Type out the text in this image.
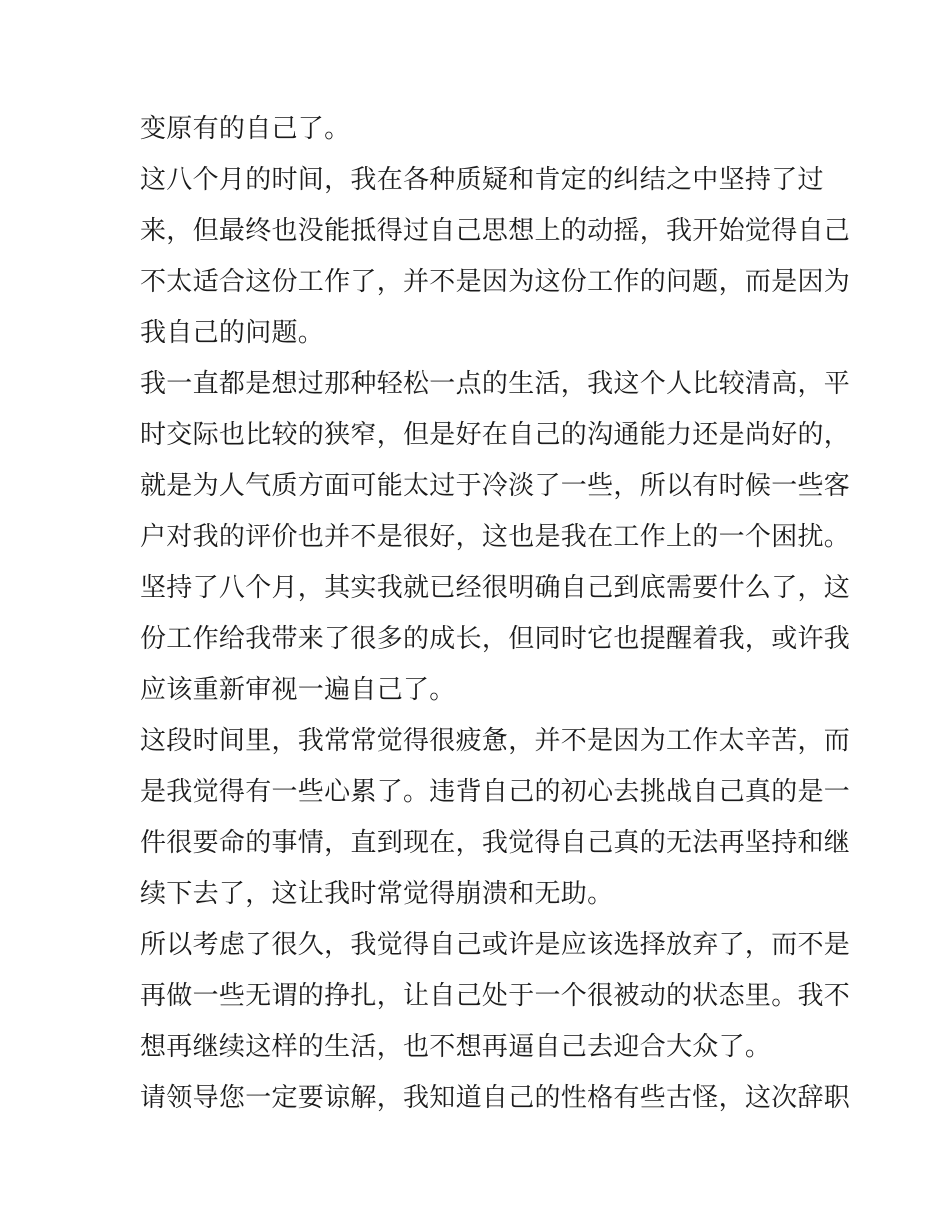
变原有的自己了。

这八个月的时间，我在各种质疑和肯定的纠结之中坚持了过

来，但最终也没能抵得过自己思想上的动摇，我开始觉得自己

不太适合这份工作了，并不是因为这份工作的问题，而是因为

我自己的问题。

我一直都是想过那种轻松一点的生活，我这个人比较清高，平

时交际也比较的狭窄，但是好在自己的沟通能力还是尚好的，

就是为人气质方面可能太过于冷淡了一些，所以有时候一些客

户对我的评价也并不是很好，这也是我在工作上的一个困扰。

坚持了八个月，其实我就已经很明确自己到底需要什么了，这

份工作给我带来了很多的成长，但同时它也提醒着我，或许我

应该重新审视一遍自己了。

这段时间里，我常常觉得很疲惫，并不是因为工作太辛苦，而

是我觉得有一些心累了。违背自己的初心去挑战自己真的是一

件很要命的事情，直到现在，我觉得自己真的无法再坚持和继

续下去了，这让我时常觉得崩溃和无助。

所以考虑了很久，我觉得自己或许是应该选择放弃了，而不是

再做一些无谓的挣扎，让自己处于一个很被动的状态里。我不

想再继续这样的生活，也不想再逼自己去迎合大众了。

请领导您一定要谅解，我知道自己的性格有些古怪，这次辞职
